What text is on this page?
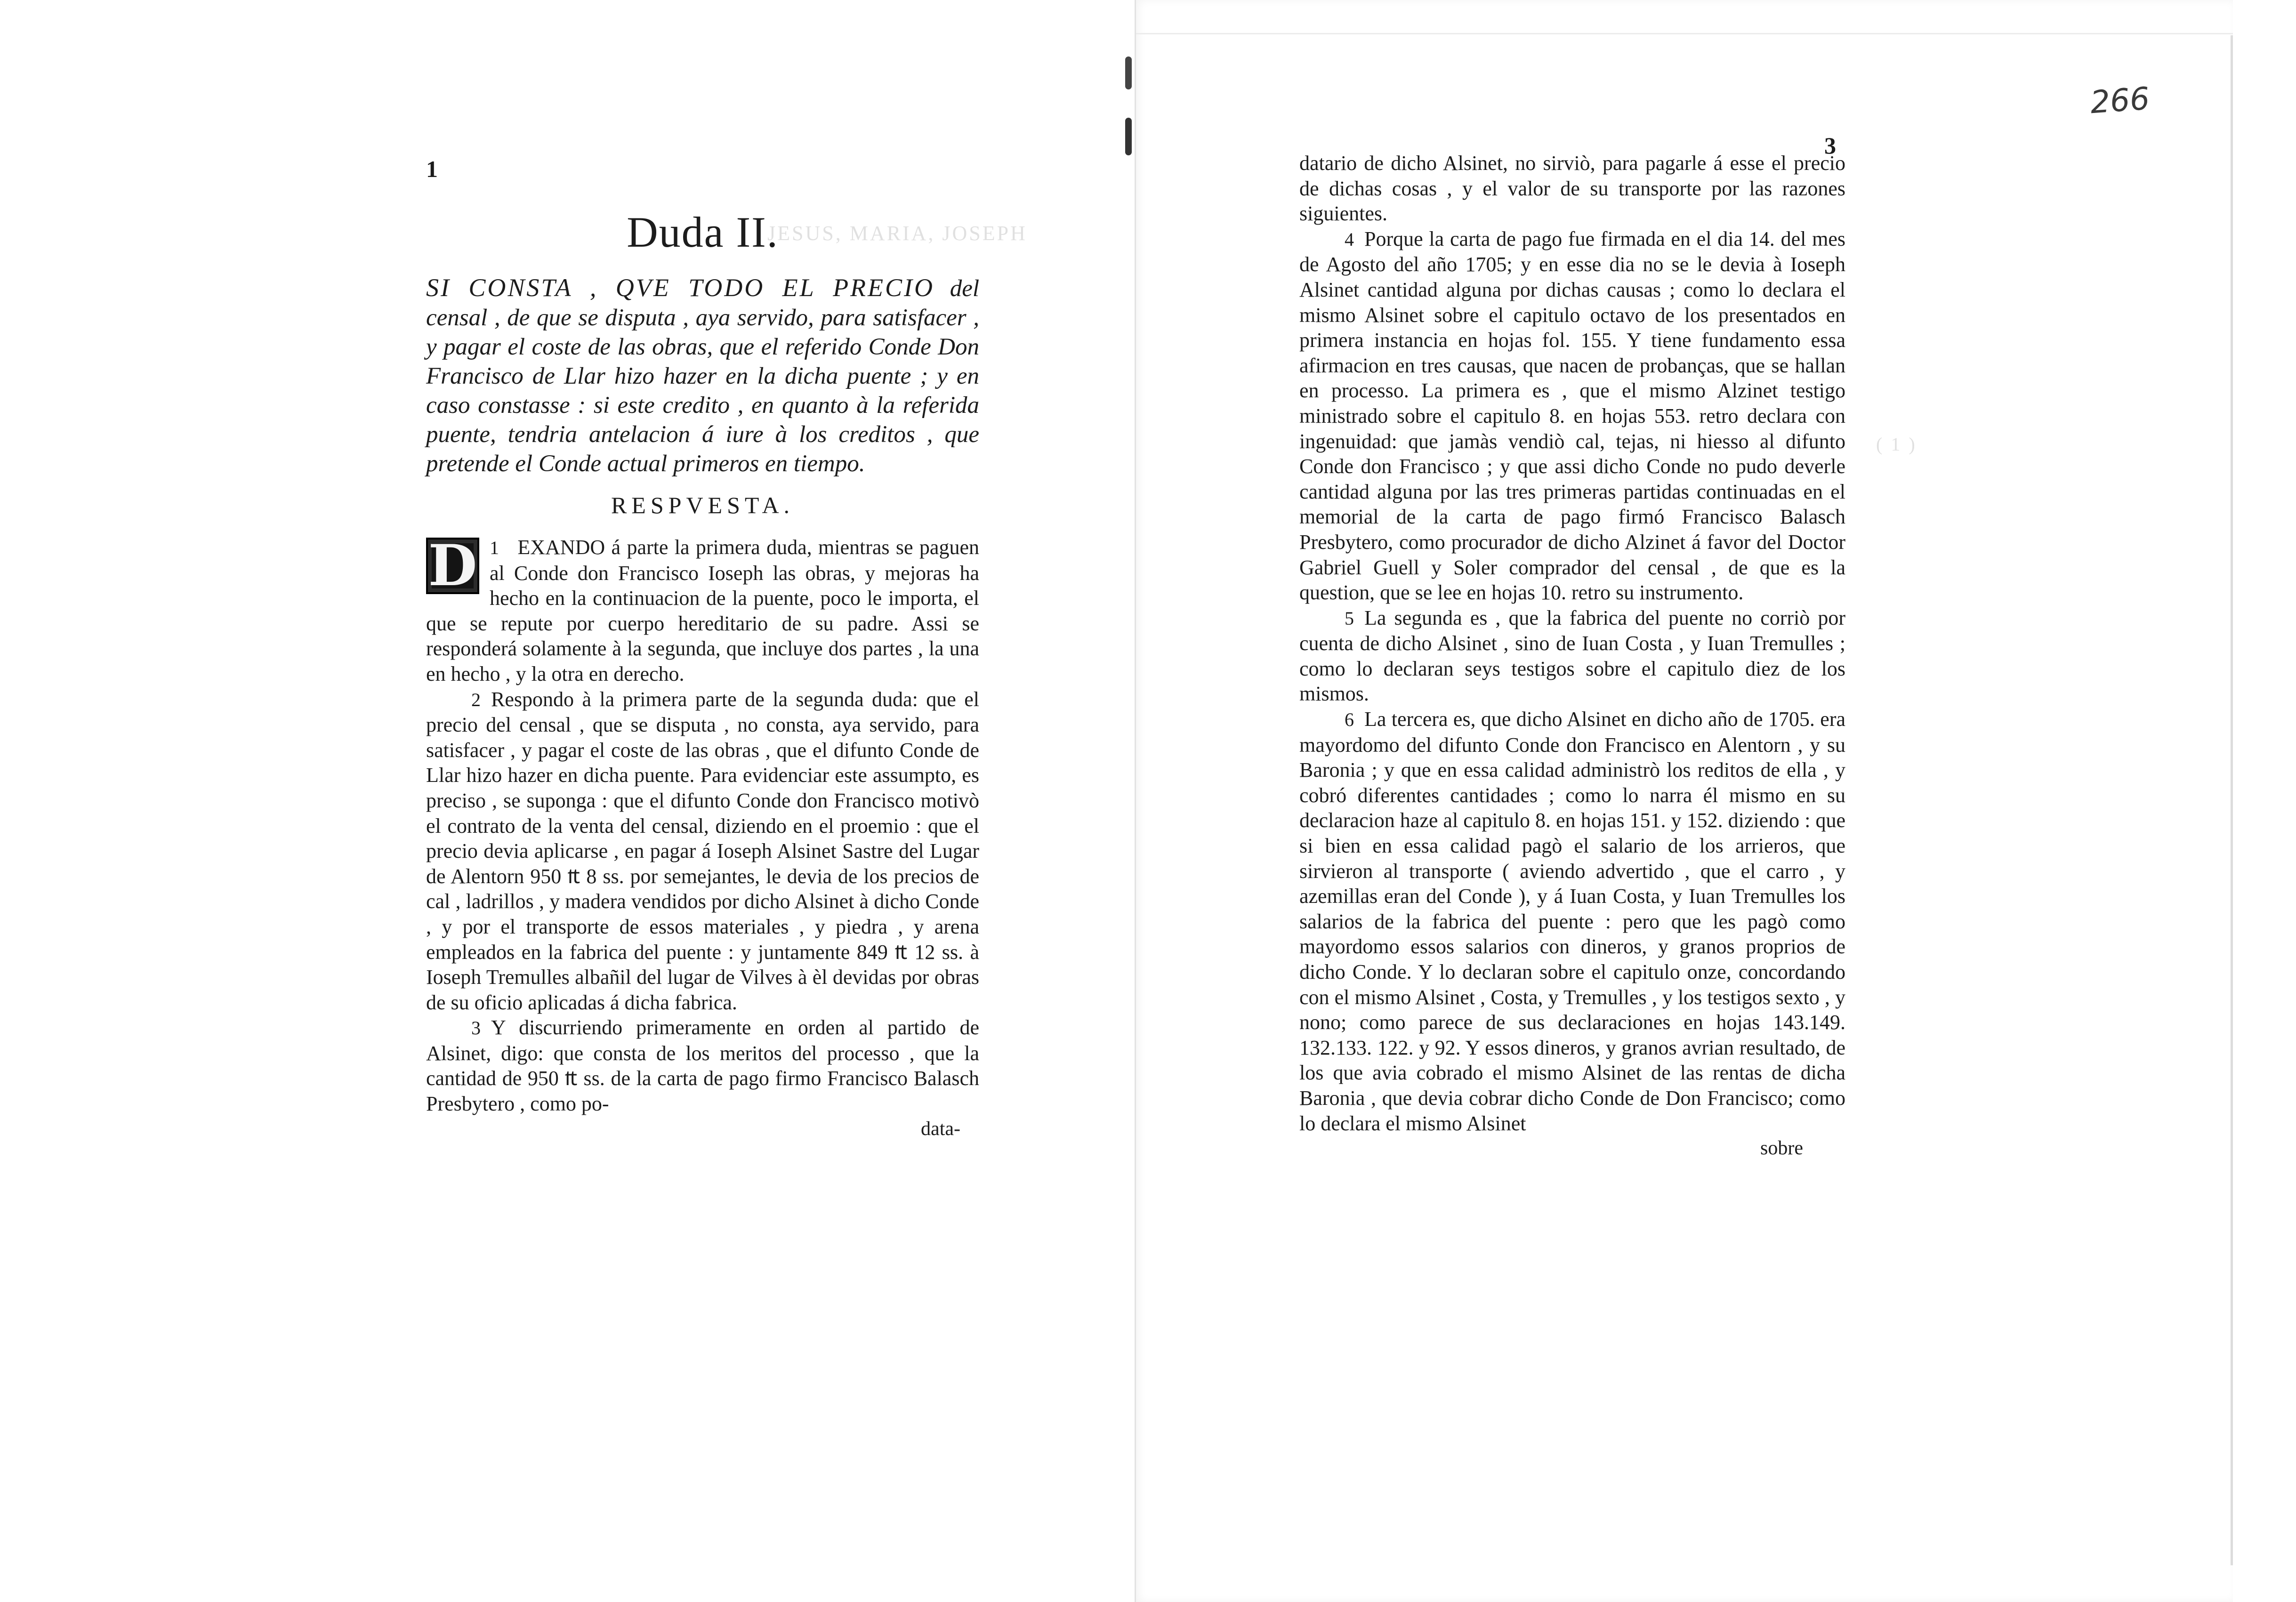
JESUS, MARIA, JOSEPH
1
Duda II.

SI CONSTA , QVE TODO EL PRECIO del censal , de que se disputa , aya servido, para satisfacer , y pagar el coste de las obras, que el referido Conde Don Francisco de Llar hizo hazer en la dicha puente ; y en caso constasse : si este credito , en quanto à la referida puente, tendria antelacion á iure à los creditos , que pretende el Conde actual primeros en tiempo.

RESPVESTA.

1
D EXANDO á parte la primera duda, mientras se paguen al Conde don Francisco Ioseph las obras, y mejoras ha hecho en la continuacion de la puente, poco le importa, el que se repute por cuerpo hereditario de su padre. Assi se responderá solamente à la segunda, que incluye dos partes , la una en hecho , y la otra en derecho.

2 Respondo à la primera parte de la segunda duda: que el precio del censal , que se disputa , no consta, aya servido, para satisfacer , y pagar el coste de las obras , que el difunto Conde de Llar hizo hazer en dicha puente. Para evidenciar este assumpto, es preciso , se suponga : que el difunto Conde don Francisco motivò el contrato de la venta del censal, diziendo en el proemio : que el precio devia aplicarse , en pagar á Ioseph Alsinet Sastre del Lugar de Alentorn 950 ₶ 8 ss. por semejantes, le devia de los precios de cal , ladrillos , y madera vendidos por dicho Alsinet à dicho Conde , y por el transporte de essos materiales , y piedra , y arena empleados en la fabrica del puente : y juntamente 849 ₶ 12 ss. à Ioseph Tremulles albañil del lugar de Vilves à èl devidas por obras de su oficio aplicadas á dicha fabrica.

3 Y discurriendo primeramente en orden al partido de Alsinet, digo: que consta de los meritos del processo , que la cantidad de 950 ₶ ss. de la carta de pago firmo Francisco Balasch Presbytero , como po-

data-
266
3
( 1 )

datario de dicho Alsinet, no sirviò, para pagarle á esse el precio de dichas cosas , y el valor de su transporte por las razones siguientes.

4 Porque la carta de pago fue firmada en el dia 14. del mes de Agosto del año 1705; y en esse dia no se le devia à Ioseph Alsinet cantidad alguna por dichas causas ; como lo declara el mismo Alsinet sobre el capitulo octavo de los presentados en primera instancia en hojas fol. 155. Y tiene fundamento essa afirmacion en tres causas, que nacen de probanças, que se hallan en processo. La primera es , que el mismo Alzinet testigo ministrado sobre el capitulo 8. en hojas 553. retro declara con ingenuidad: que jamàs vendiò cal, tejas, ni hiesso al difunto Conde don Francisco ; y que assi dicho Conde no pudo deverle cantidad alguna por las tres primeras partidas continuadas en el memorial de la carta de pago firmó Francisco Balasch Presbytero, como procurador de dicho Alzinet á favor del Doctor Gabriel Guell y Soler comprador del censal , de que es la question, que se lee en hojas 10. retro su instrumento.

5 La segunda es , que la fabrica del puente no corriò por cuenta de dicho Alsinet , sino de Iuan Costa , y Iuan Tremulles ; como lo declaran seys testigos sobre el capitulo diez de los mismos.

6 La tercera es, que dicho Alsinet en dicho año de 1705. era mayordomo del difunto Conde don Francisco en Alentorn , y su Baronia ; y que en essa calidad administrò los reditos de ella , y cobró diferentes cantidades ; como lo narra él mismo en su declaracion haze al capitulo 8. en hojas 151. y 152. diziendo : que si bien en essa calidad pagò el salario de los arrieros, que sirvieron al transporte ( aviendo advertido , que el carro , y azemillas eran del Conde ), y á Iuan Costa, y Iuan Tremulles los salarios de la fabrica del puente : pero que les pagò como mayordomo essos salarios con dineros, y granos proprios de dicho Conde. Y lo declaran sobre el capitulo onze, concordando con el mismo Alsinet , Costa, y Tremulles , y los testigos sexto , y nono; como parece de sus declaraciones en hojas 143.149. 132.133. 122. y 92. Y essos dineros, y granos avrian resultado, de los que avia cobrado el mismo Alsinet de las rentas de dicha Baronia , que devia cobrar dicho Conde de Don Francisco; como lo declara el mismo Alsinet

sobre
